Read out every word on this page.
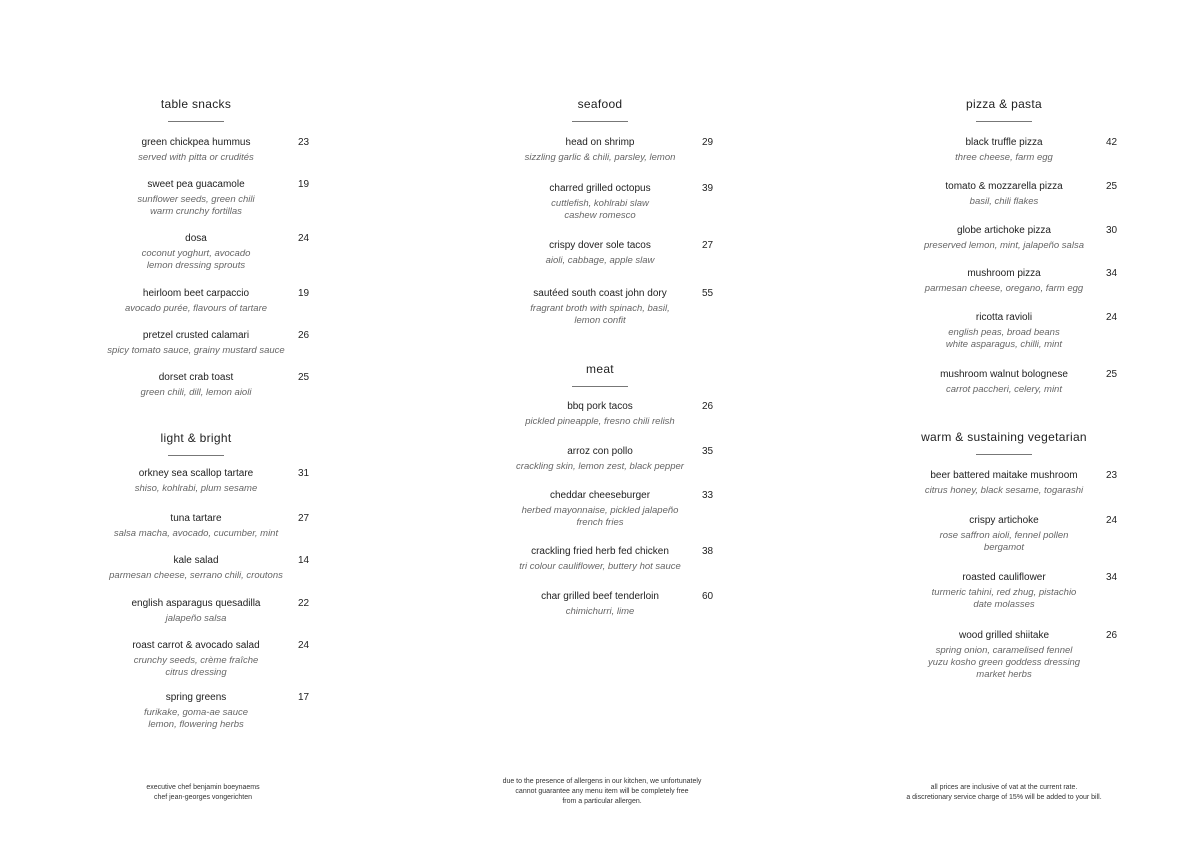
table snacks
light & bright
seafood
meat
pizza & pasta
warm & sustaining vegetarian
executive chef benjamin boeynaems
chef jean-georges vongerichten
due to the presence of allergens in our kitchen, we unfortunately
cannot guarantee any menu item will be completely free
from a particular allergen.
all prices are inclusive of vat at the current rate.
a discretionary service charge of 15% will be added to your bill.
green chickpea hummus
served with pitta or crudités
23
sweet pea guacamole
sunflower seeds, green chili
warm crunchy fortillas
19
dosa
coconut yoghurt, avocado
lemon dressing sprouts
24
heirloom beet carpaccio
avocado purée, flavours of tartare
19
pretzel crusted calamari
spicy tomato sauce, grainy mustard sauce
26
dorset crab toast
green chili, dill, lemon aioli
25
orkney sea scallop tartare
shiso, kohlrabi, plum sesame
31
tuna tartare
salsa macha, avocado, cucumber, mint
27
kale salad
parmesan cheese, serrano chili, croutons
14
english asparagus quesadilla
jalapeño salsa
22
roast carrot & avocado salad
crunchy seeds, crème fraîche
citrus dressing
24
spring greens
furikake, goma-ae sauce
lemon, flowering herbs
17
head on shrimp
sizzling garlic & chili, parsley, lemon
29
charred grilled octopus
cuttlefish, kohlrabi slaw
cashew romesco
39
crispy dover sole tacos
aioli, cabbage, apple slaw
27
sautéed south coast john dory
fragrant broth with spinach, basil,
lemon confit
55
bbq pork tacos
pickled pineapple, fresno chili relish
26
arroz con pollo
crackling skin, lemon zest, black pepper
35
cheddar cheeseburger
herbed mayonnaise, pickled jalapeño
french fries
33
crackling fried herb fed chicken
tri colour cauliflower, buttery hot sauce
38
char grilled beef tenderloin
chimichurri, lime
60
black truffle pizza
three cheese, farm egg
42
tomato & mozzarella pizza
basil, chili flakes
25
globe artichoke pizza
preserved lemon, mint, jalapeño salsa
30
mushroom pizza
parmesan cheese, oregano, farm egg
34
ricotta ravioli
english peas, broad beans
white asparagus, chilli, mint
24
mushroom walnut bolognese
carrot paccheri, celery, mint
25
beer battered maitake mushroom
citrus honey, black sesame, togarashi
23
crispy artichoke
rose saffron aioli, fennel pollen
bergamot
24
roasted cauliflower
turmeric tahini, red zhug, pistachio
date molasses
34
wood grilled shiitake
spring onion, caramelised fennel
yuzu kosho green goddess dressing
market herbs
26
